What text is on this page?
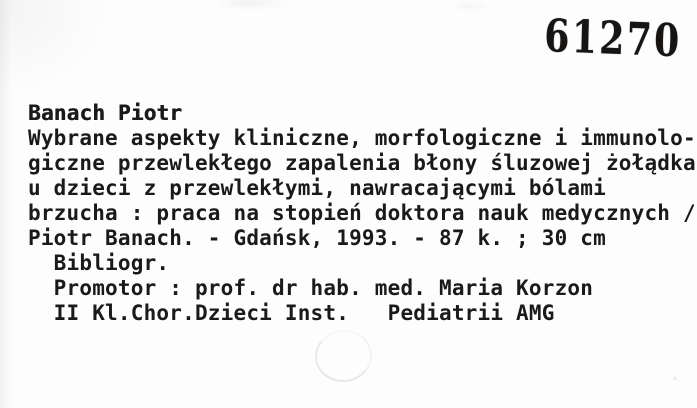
61270
Banach Piotr
Wybrane aspekty kliniczne, morfologiczne i immunolo-
giczne przewlekłego zapalenia błony śluzowej żołądka
u dzieci z przewlekłymi, nawracającymi bólami
brzucha : praca na stopień doktora nauk medycznych /
Piotr Banach. - Gdańsk, 1993. - 87 k. ; 30 cm
Bibliogr.
Promotor : prof. dr hab. med. Maria Korzon
II Kl.Chor.Dzieci Inst.   Pediatrii AMG
